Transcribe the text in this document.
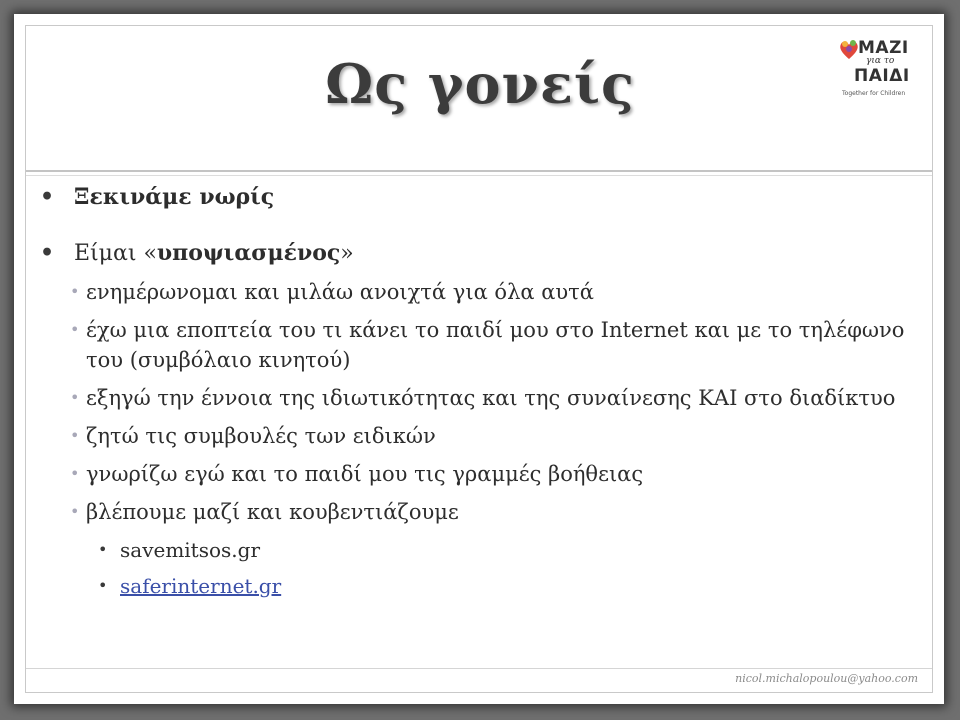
Ως γονείς
ΜΑΖΙ
για το
ΠΑΙΔΙ
Together for Children
• Ξεκινάμε νωρίς
• Είμαι «υποψιασμένος»
• ενημέρωνομαι και μιλάω ανοιχτά για όλα αυτά
• έχω μια εποπτεία του τι κάνει το παιδί μου στο Internet και με το τηλέφωνο του (συμβόλαιο κινητού)
• εξηγώ την έννοια της ιδιωτικότητας και της συναίνεσης ΚΑΙ στο διαδίκτυο
• ζητώ τις συμβουλές των ειδικών
• γνωρίζω εγώ και το παιδί μου τις γραμμές βοήθειας
• βλέπουμε μαζί και κουβεντιάζουμε
• savemitsos.gr
• saferinternet.gr
nicol.michalopoulou@yahoo.com
